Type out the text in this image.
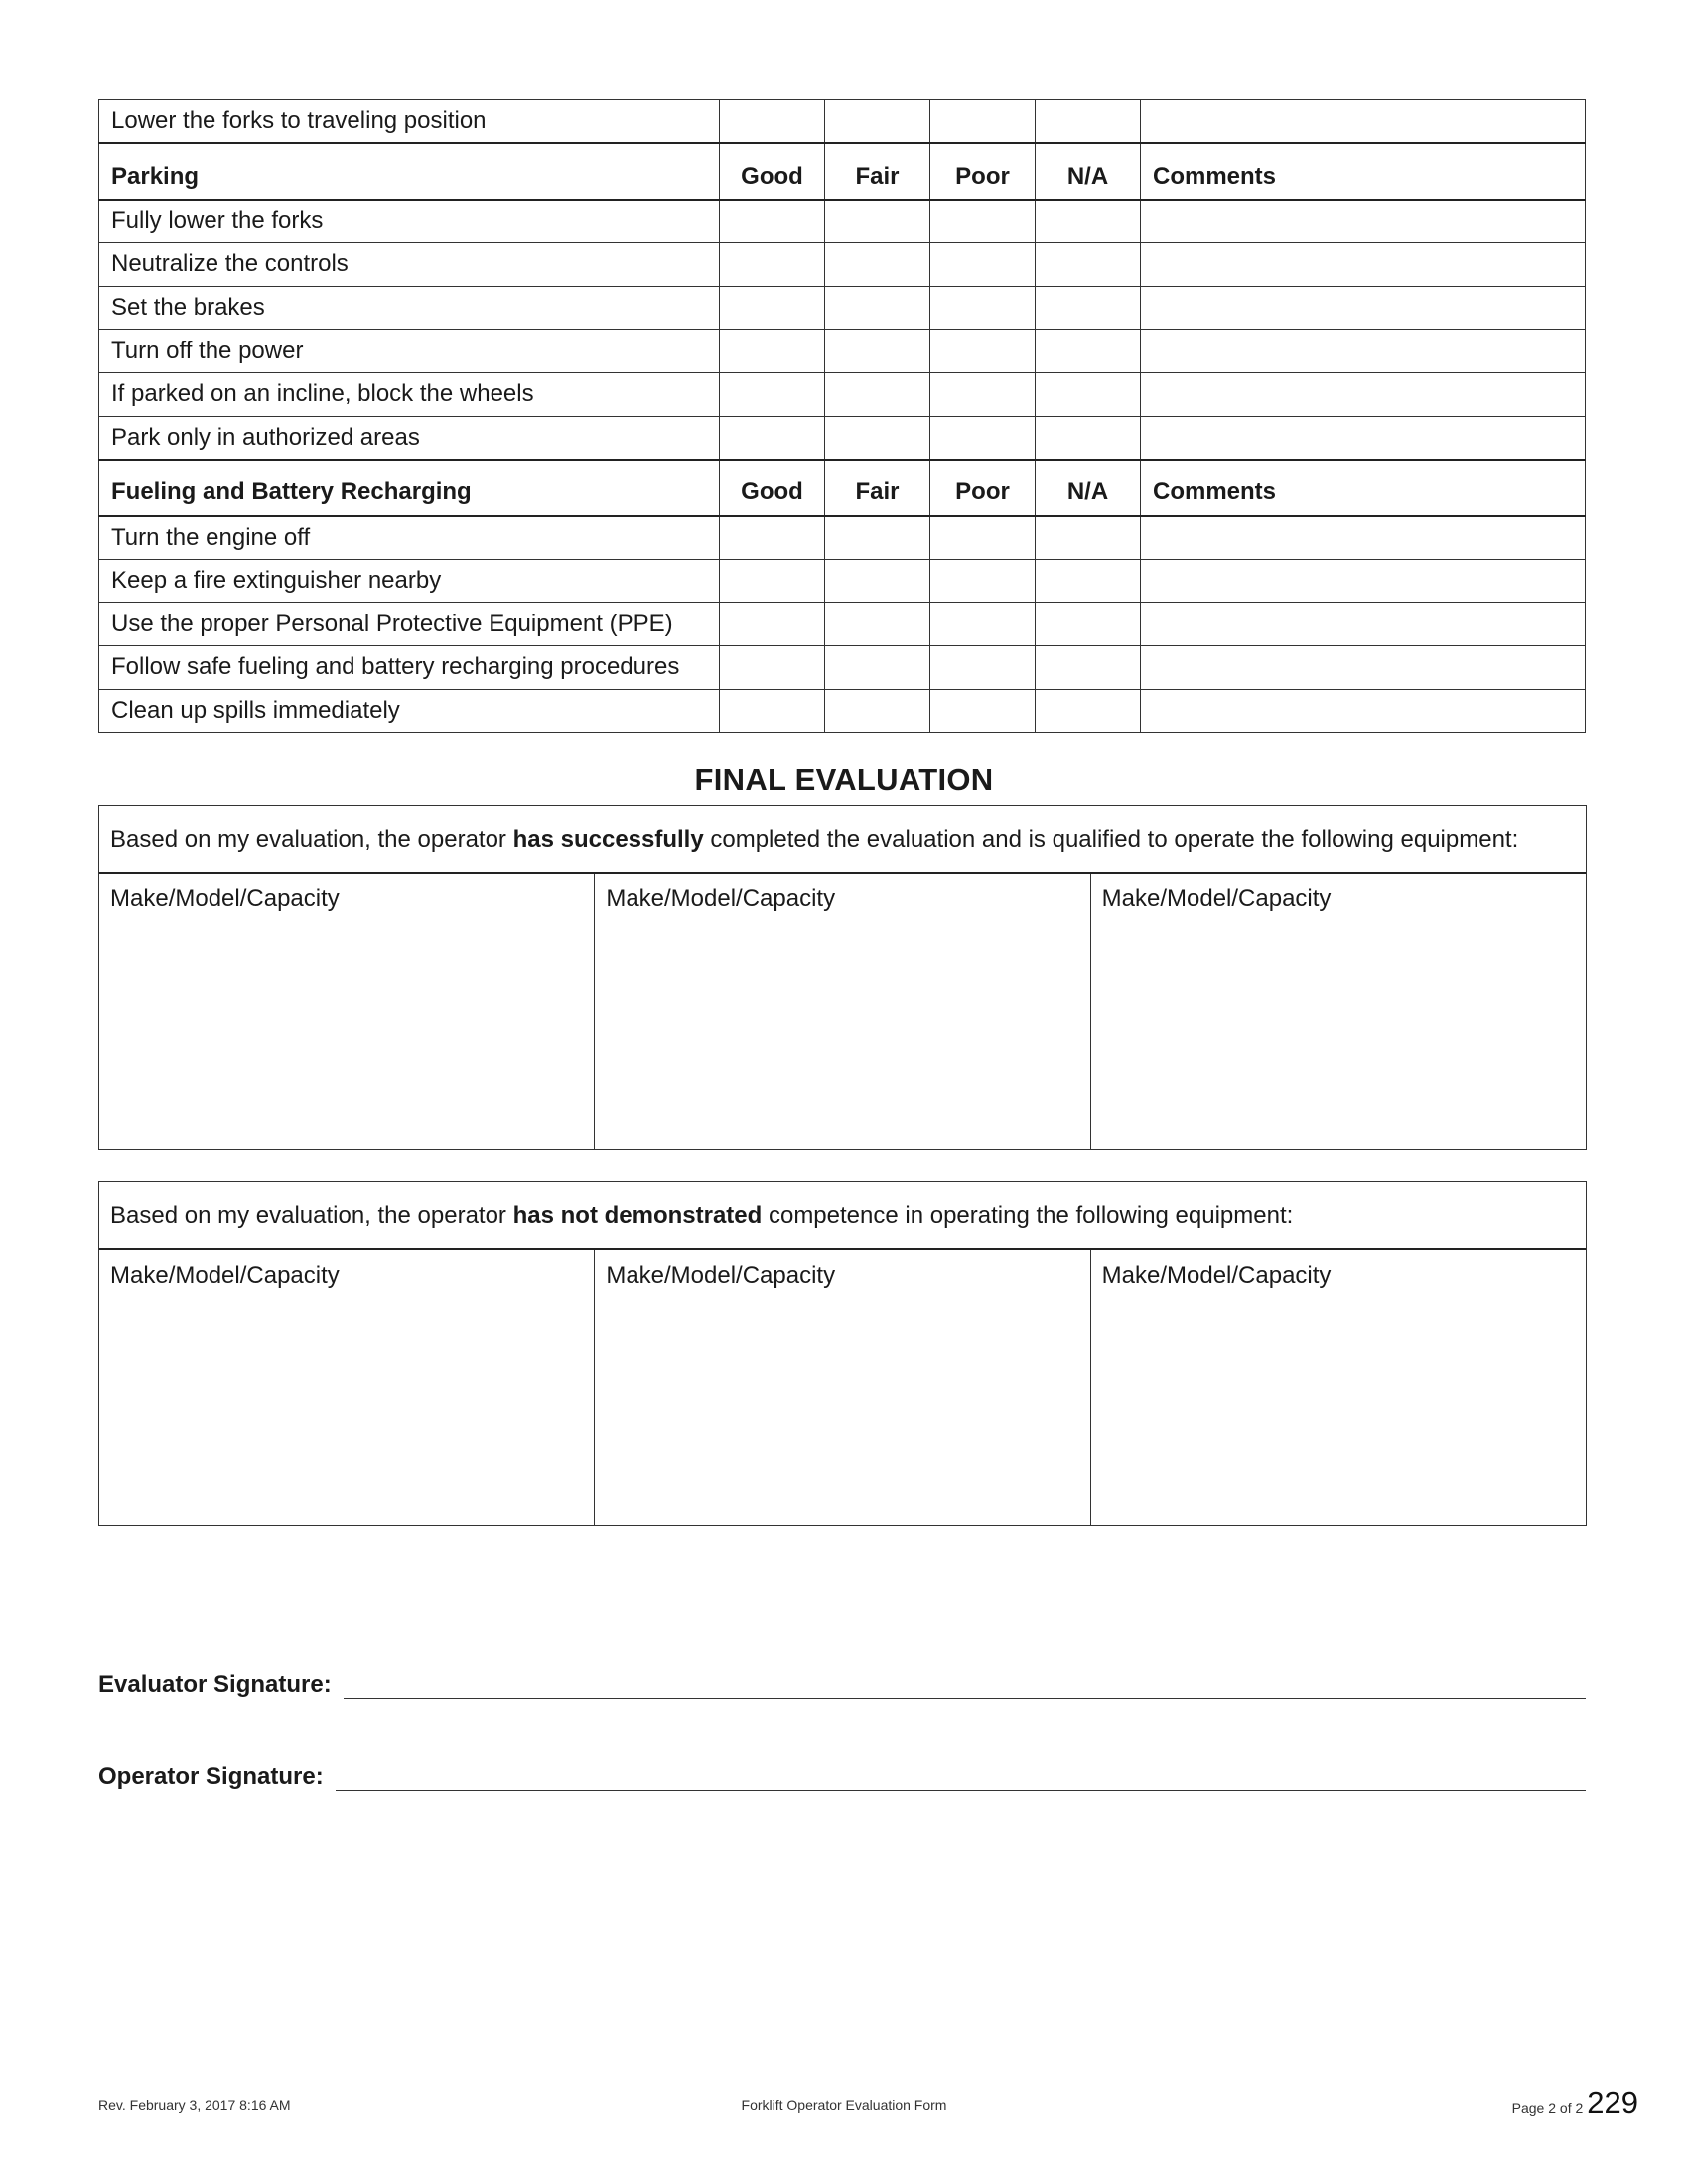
Lower the forks to traveling position					
Parking	Good	Fair	Poor	N/A	Comments
Fully lower the forks					
Neutralize the controls					
Set the brakes					
Turn off the power					
If parked on an incline, block the wheels					
Park only in authorized areas					
Fueling and Battery Recharging	Good	Fair	Poor	N/A	Comments
Turn the engine off					
Keep a fire extinguisher nearby					
Use the proper Personal Protective Equipment (PPE)					
Follow safe fueling and battery recharging procedures					
Clean up spills immediately					
FINAL EVALUATION
Based on my evaluation, the operator has successfully completed the evaluation and is qualified to operate the following equipment:
Make/Model/Capacity	Make/Model/Capacity	Make/Model/Capacity
Based on my evaluation, the operator has not demonstrated competence in operating the following equipment:
Make/Model/Capacity	Make/Model/Capacity	Make/Model/Capacity
Evaluator Signature:
Operator Signature:
Rev. February 3, 2017 8:16 AM	Forklift Operator Evaluation Form	Page 2 of 2 229
